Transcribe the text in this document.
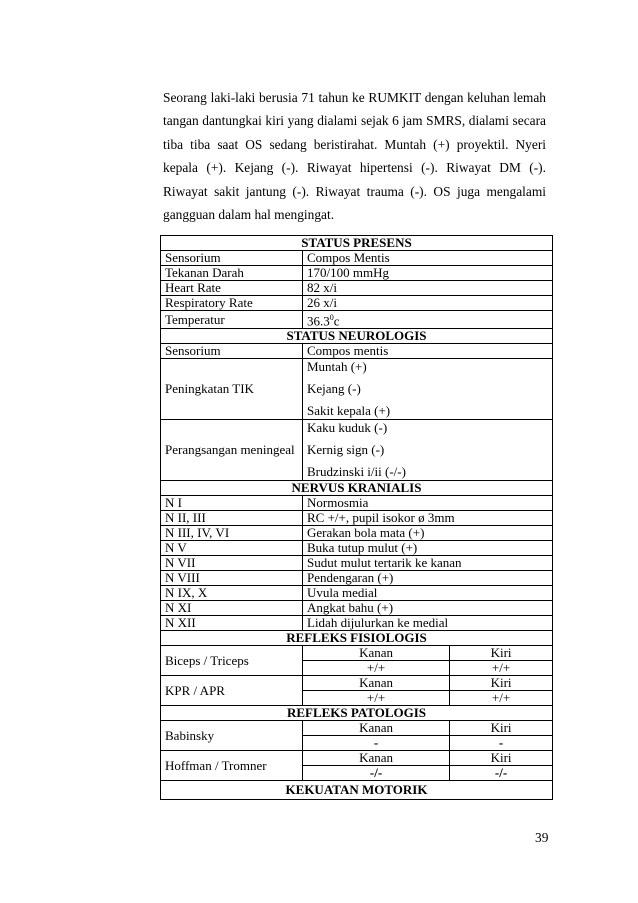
Seorang laki-laki berusia 71 tahun ke RUMKIT dengan keluhan lemah tangan dantungkai kiri yang dialami sejak 6 jam SMRS, dialami secara tiba tiba saat OS sedang beristirahat. Muntah (+) proyektil. Nyeri kepala (+). Kejang (-). Riwayat hipertensi (-). Riwayat DM (-). Riwayat sakit jantung (-). Riwayat trauma (-). OS juga mengalami gangguan dalam hal mengingat.

STATUS PRESENS		
Sensorium	Compos Mentis	
Tekanan Darah	170/100 mmHg	
Heart Rate	82 x/i	
Respiratory Rate	26 x/i	
Temperatur	36.3$^0$c	
STATUS NEUROLOGIS		
Sensorium	Compos mentis	
Peningkatan TIK	Muntah (+)
Kejang (-)
Sakit kepala (+)	

Perangsangan meningeal	Kaku kuduk (-)
Kernig sign (-)
Brudzinski i/ii (-/-)	

NERVUS KRANIALIS		
N I	Normosmia	
N II, III	RC +/+, pupil isokor ø 3mm	
N III, IV, VI	Gerakan bola mata (+)	
N V	Buka tutup mulut (+)	
N VII	Sudut mulut tertarik ke kanan	
N VIII	Pendengaran (+)	
N IX, X	Uvula medial	
N XI	Angkat bahu (+)	
N XII	Lidah dijulurkan ke medial	
REFLEKS FISIOLOGIS		
Biceps / Triceps	Kanan	Kiri
	+/+	+/+
KPR / APR	Kanan	Kiri
	+/+	+/+
REFLEKS PATOLOGIS		
Babinsky	Kanan	Kiri
	-	-
Hoffman / Tromner	Kanan	Kiri
	-/-	-/-
KEKUATAN MOTORIK		
39
